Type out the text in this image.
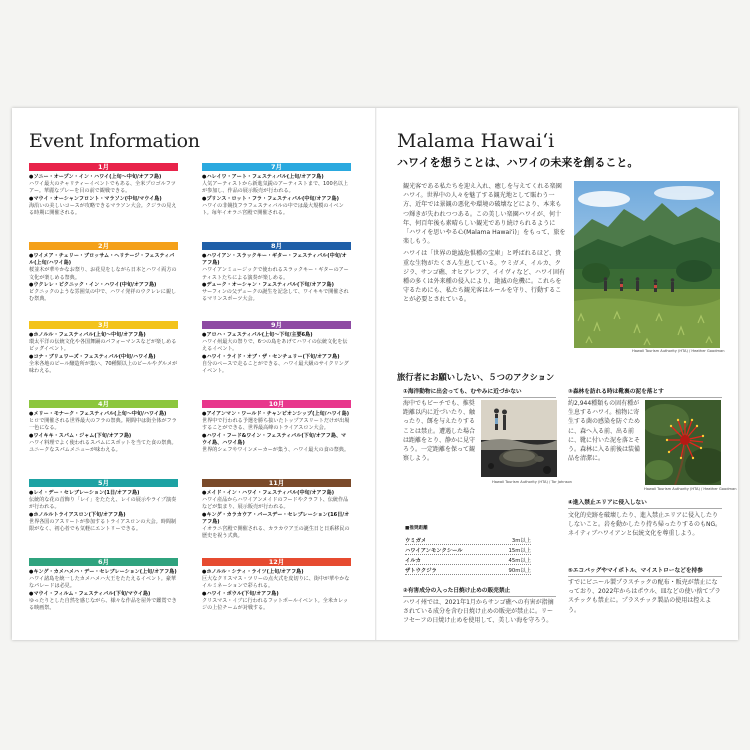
Event Information
1月
●ソニー・オープン・イン・ハワイ(上旬〜中旬/オアフ島)
ハワイ最大のチャリティーイベントでもある、全米プロゴルフツアー。華麗なプレーを目の前で観戦できる。
●マウイ・オーシャンフロント・マラソン(中旬/マウイ島)
海沿いの美しいコースが攻略できるマラソン大会。クジラの見える時期に開催される。
7月
●ハレイワ・アート・フェスティバル(上旬/オアフ島)
人気アーティストから新進気鋭のアーティストまで、100名以上が参加し、作品の展示販売が行われる。
●プリンス・ロット・フラ・フェスティバル(中旬/オアフ島)
ハワイの非競技フラフェスティバルの中では最大規模のイベント。毎年イオラニ宮殿で開催される。
2月
●ワイメア・チェリー・ブロッサム・ヘリテージ・フェスティバル(上旬/ハワイ島)
桜並木が華やかなお祭り、お花見をしながら日本とハワイ両方の文化が楽しめる祭典。
●ウクレレ・ピクニック・イン・ハワイ(中旬/オアフ島)
ピクニックのような雰囲気の中で、ハワイ発祥のウクレレに親しむ祭典。
8月
●ハワイアン・スラックキー・ギター・フェスティバル(中旬/オアフ島)
ハワイアンミュージックで使われるスラックキー・ギターのアーティストたちによる演奏が楽しめる。
●デューク・オーシャン・フェスティバル(下旬/オアフ島)
サーフィンの父デュークの誕生を記念して、ワイキキで開催されるマリンスポーツ大会。
3月
●ホノルル・フェスティバル(上旬〜中旬/オアフ島)
環太平洋の伝統文化や各国舞踊のパフォーマンスなどが楽しめるビッグイベント。
●コナ・ブリュワーズ・フェスティバル(中旬/ハワイ島)
全米各地のビール醸造所が集い、70種類以上のビールやグルメが味わえる。
9月
●アロハ・フェスティバル(上旬〜下旬/主要6島)
ハワイ州最大の祭りで、6つの島をあげてハワイの伝統文化を伝えるイベント。
●ハワイ・ライド・オブ・ザ・センチュリー(下旬/オアフ島)
自分のペースで走ることができる、ハワイ最大級のサイクリングイベント。
4月
●メリー・モナーク・フェスティバル(上旬〜中旬/ハワイ島)
ヒロで開催される世界最大のフラの祭典。期間中は街全体がフラ一色になる。
●ワイキキ・スパム・ジャム(下旬/オアフ島)
ハワイ料理でよく使われるスパムにスポットを当てた食の祭典。ユニークなスパムメニューが味わえる。
10月
●アイアンマン・ワールド・チャンピオンシップ(上旬/ハワイ島)
世界中で行われる予選を勝ち抜いたトップアスリートだけが出場することができる、世界最高峰のトライアスロン大会。
●ハワイ・フード&ワイン・フェスティバル(下旬/オアフ島、マウイ島、ハワイ島)
世界的シェフやワインメーカーが集う、ハワイ最大の食の祭典。
5月
●レイ・デー・セレブレーション(1日/オアフ島)
伝統的な花の首飾り「レイ」をたたえ、レイの展示やライブ演奏が行われる。
●ホノルルトライアスロン(下旬/オアフ島)
世界各国のアスリートが参加するトライアスロンの大会。時間制限がなく、初心者でも気軽にエントリーできる。
11月
●メイド・イン・ハワイ・フェスティバル(中旬/オアフ島)
ハワイ産品からハワイアンメイドのフードやクラフト、伝統作品などが集まり、展示販売が行われる。
●キング・カラカウア・バースデー・セレブレーション(16日/オアフ島)
イオラニ宮殿で開催される、カラカウア王の誕生日と日系移民の歴史を祝う式典。
6月
●キング・カメハメハ・デー・セレブレーション(上旬/オアフ島)
ハワイ諸島を統一したカメハメハ大王をたたえるイベント。豪華なパレードは必見。
●マウイ・フィルム・フェスティバル(下旬/マウイ島)
ゆったりとした自然を感じながら、様々な作品を屋外で鑑賞できる映画祭。
12月
●ホノルル・シティ・ライツ(上旬/オアフ島)
巨大なクリスマス・ツリーの点火式を皮切りに、街中が華やかなイルミネーションで彩られる。
●ハワイ・ボウル(下旬/オアフ島)
クリスマス・イブに行われるフットボールイベント。全米カレッジの上位チームが対戦する。
Malama Hawaiʻi
ハワイを想うことは、ハワイの未来を創ること。

観光客である私たちを迎え入れ、癒しを与えてくれる楽園ハワイ。世界中の人々を魅了する観光地として賑わう一方、近年では景観の悪化や環境の破壊などにより、本来もつ輝きが失われつつある。この美しい楽園ハワイが、何十年、何百年後も素晴らしい観光であり続けられるように「ハワイを思いやる心(Malama Hawaiʻi)」をもって、旅を楽しもう。

ハワイは「世界の絶滅危惧種の宝庫」と呼ばれるほど、貴重な生物がたくさん生息している。ウミガメ、イルカ、クジラ、サンゴ礁、オヒアレフア、イイヴィなど、ハワイ固有種の多くは外来種の侵入により、絶滅の危機に。これらを守るためにも、私たち観光客はルールを守り、行動することが必要とされている。

Hawaii Tourism Authority (HTA) / Heather Goodman
旅行者にお願いしたい、５つのアクション
①海洋動物に出会っても、むやみに近づかない
海中でもビーチでも、推奨距離以内に近づいたり、触ったり、餌を与えたりすることは禁止。遭遇した場合は距離をとり、静かに見守ろう。一定距離を保って観察しよう。
Hawaii Tourism Authority (HTA) / Tor Johnson
■推奨距離
ウミガメ	3m以上
ハワイアンモンクシール	15m以上
イルカ	45m以上
ザトウクジラ	90m以上
②有害成分の入った日焼け止めの販売禁止
ハワイ州では、2021年1月からサンゴ礁への有害が指摘されている成分を含む日焼け止めの販売が禁止に。リーフセーフの日焼け止めを使用して、美しい海を守ろう。
③森林を訪れる時は靴裏の泥を落とす
約2,944種類もの固有種が生息するハワイ。植物に寄生する菌の感染を防ぐために、森へ入る前、出る前に、靴に付いた泥を落とそう。森林に入る前後は装備品を清潔に。
Hawaii Tourism Authority (HTA) / Heather Goodman
④進入禁止エリアに侵入しない
文化的史跡を破壊したり、進入禁止エリアに侵入したりしないこと。岩を動かしたり持ち帰ったりするのもNG。ネイティブハワイアンと伝統文化を尊重しよう。
⑤エコバッグやマイボトル、マイストローなどを持参
すでにビニール製プラスチックの配布・販売が禁止になっており、2022年からはポウル、皿などの使い捨てプラスチックも禁止に。プラスチック製品の使用は控えよう。
